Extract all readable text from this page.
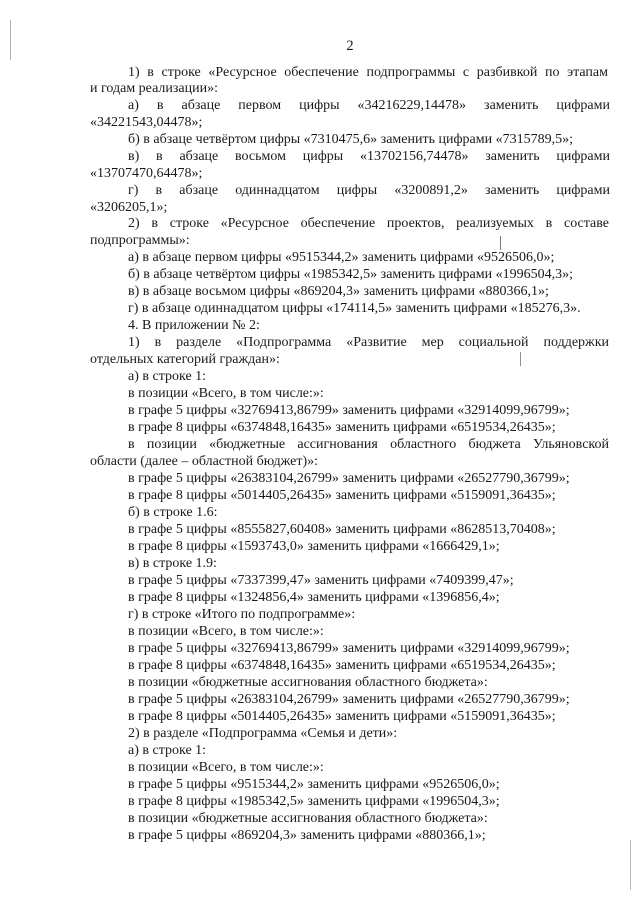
2
1) в строке «Ресурсное обеспечение подпрограммы с разбивкой по этапам
и годам реализации»:
а) в абзаце первом цифры «34216229,14478» заменить цифрами
«34221543,04478»;
б) в абзаце четвёртом цифры «7310475,6» заменить цифрами «7315789,5»;
в) в абзаце восьмом цифры «13702156,74478» заменить цифрами
«13707470,64478»;
г) в абзаце одиннадцатом цифры «3200891,2» заменить цифрами
«3206205,1»;
2) в строке «Ресурсное обеспечение проектов, реализуемых в составе
подпрограммы»:
а) в абзаце первом цифры «9515344,2» заменить цифрами «9526506,0»;
б) в абзаце четвёртом цифры «1985342,5» заменить цифрами «1996504,3»;
в) в абзаце восьмом цифры «869204,3» заменить цифрами «880366,1»;
г) в абзаце одиннадцатом цифры «174114,5» заменить цифрами «185276,3».
4. В приложении № 2:
1) в разделе «Подпрограмма «Развитие мер социальной поддержки
отдельных категорий граждан»:
а) в строке 1:
в позиции «Всего, в том числе:»:
в графе 5 цифры «32769413,86799» заменить цифрами «32914099,96799»;
в графе 8 цифры «6374848,16435» заменить цифрами «6519534,26435»;
в позиции «бюджетные ассигнования областного бюджета Ульяновской
области (далее – областной бюджет)»:
в графе 5 цифры «26383104,26799» заменить цифрами «26527790,36799»;
в графе 8 цифры «5014405,26435» заменить цифрами «5159091,36435»;
б) в строке 1.6:
в графе 5 цифры «8555827,60408» заменить цифрами «8628513,70408»;
в графе 8 цифры «1593743,0» заменить цифрами «1666429,1»;
в) в строке 1.9:
в графе 5 цифры «7337399,47» заменить цифрами «7409399,47»;
в графе 8 цифры «1324856,4» заменить цифрами «1396856,4»;
г) в строке «Итого по подпрограмме»:
в позиции «Всего, в том числе:»:
в графе 5 цифры «32769413,86799» заменить цифрами «32914099,96799»;
в графе 8 цифры «6374848,16435» заменить цифрами «6519534,26435»;
в позиции «бюджетные ассигнования областного бюджета»:
в графе 5 цифры «26383104,26799» заменить цифрами «26527790,36799»;
в графе 8 цифры «5014405,26435» заменить цифрами «5159091,36435»;
2) в разделе «Подпрограмма «Семья и дети»:
а) в строке 1:
в позиции «Всего, в том числе:»:
в графе 5 цифры «9515344,2» заменить цифрами «9526506,0»;
в графе 8 цифры «1985342,5» заменить цифрами «1996504,3»;
в позиции «бюджетные ассигнования областного бюджета»:
в графе 5 цифры «869204,3» заменить цифрами «880366,1»;
